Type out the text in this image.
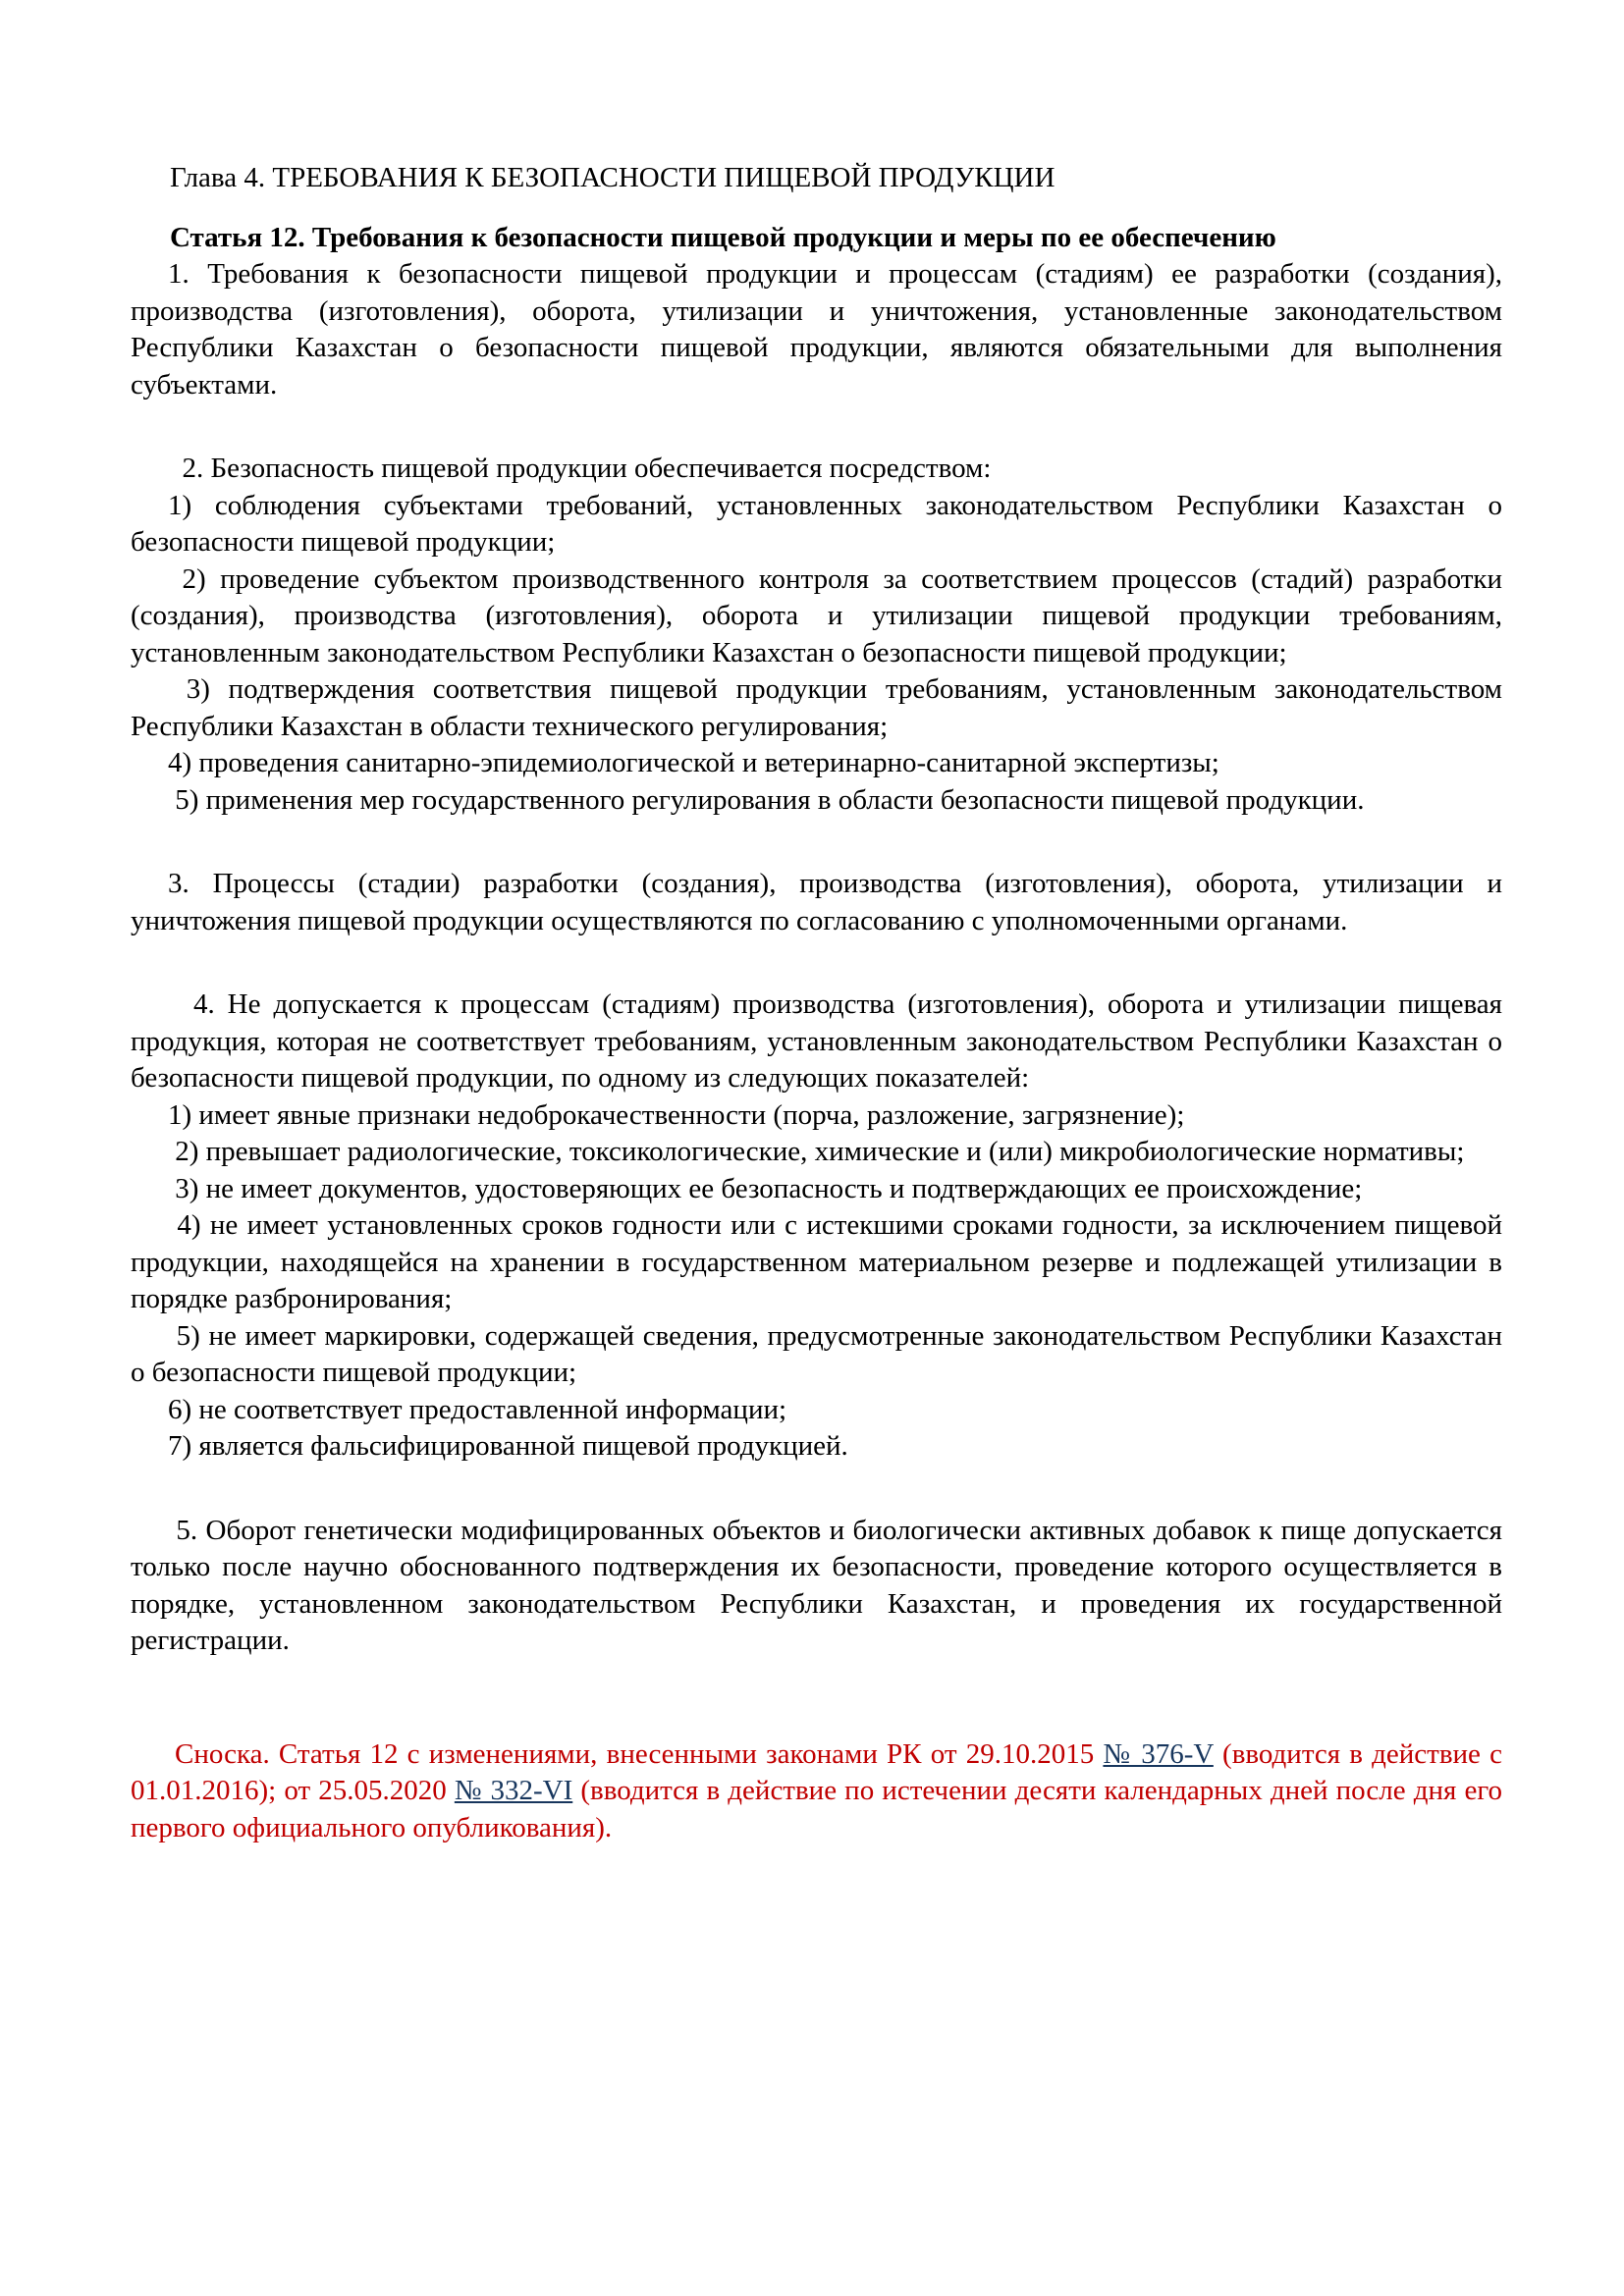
Глава 4. ТРЕБОВАНИЯ К БЕЗОПАСНОСТИ ПИЩЕВОЙ ПРОДУКЦИИ

Статья 12. Требования к безопасности пищевой продукции и меры по ее обеспечению

1. Требования к безопасности пищевой продукции и процессам (стадиям) ее разработки (создания), производства (изготовления), оборота, утилизации и уничтожения, установленные законодательством Республики Казахстан о безопасности пищевой продукции, являются обязательными для выполнения субъектами.

2. Безопасность пищевой продукции обеспечивается посредством:

1) соблюдения субъектами требований, установленных законодательством Республики Казахстан о безопасности пищевой продукции;

2) проведение субъектом производственного контроля за соответствием процессов (стадий) разработки (создания), производства (изготовления), оборота и утилизации пищевой продукции требованиям, установленным законодательством Республики Казахстан о безопасности пищевой продукции;

3) подтверждения соответствия пищевой продукции требованиям, установленным законодательством Республики Казахстан в области технического регулирования;

4) проведения санитарно-эпидемиологической и ветеринарно-санитарной экспертизы;

5) применения мер государственного регулирования в области безопасности пищевой продукции.

3. Процессы (стадии) разработки (создания), производства (изготовления), оборота, утилизации и уничтожения пищевой продукции осуществляются по согласованию с уполномоченными органами.

4. Не допускается к процессам (стадиям) производства (изготовления), оборота и утилизации пищевая продукция, которая не соответствует требованиям, установленным законодательством Республики Казахстан о безопасности пищевой продукции, по одному из следующих показателей:

1) имеет явные признаки недоброкачественности (порча, разложение, загрязнение);

2) превышает радиологические, токсикологические, химические и (или) микробиологические нормативы;

3) не имеет документов, удостоверяющих ее безопасность и подтверждающих ее происхождение;

4) не имеет установленных сроков годности или с истекшими сроками годности, за исключением пищевой продукции, находящейся на хранении в государственном материальном резерве и подлежащей утилизации в порядке разбронирования;

5) не имеет маркировки, содержащей сведения, предусмотренные законодательством Республики Казахстан о безопасности пищевой продукции;

6) не соответствует предоставленной информации;

7) является фальсифицированной пищевой продукцией.

5. Оборот генетически модифицированных объектов и биологически активных добавок к пище допускается только после научно обоснованного подтверждения их безопасности, проведение которого осуществляется в порядке, установленном законодательством Республики Казахстан, и проведения их государственной регистрации.

Сноска. Статья 12 с изменениями, внесенными законами РК от 29.10.2015 № 376-V (вводится в действие с 01.01.2016); от 25.05.2020 № 332-VI (вводится в действие по истечении десяти календарных дней после дня его первого официального опубликования).
